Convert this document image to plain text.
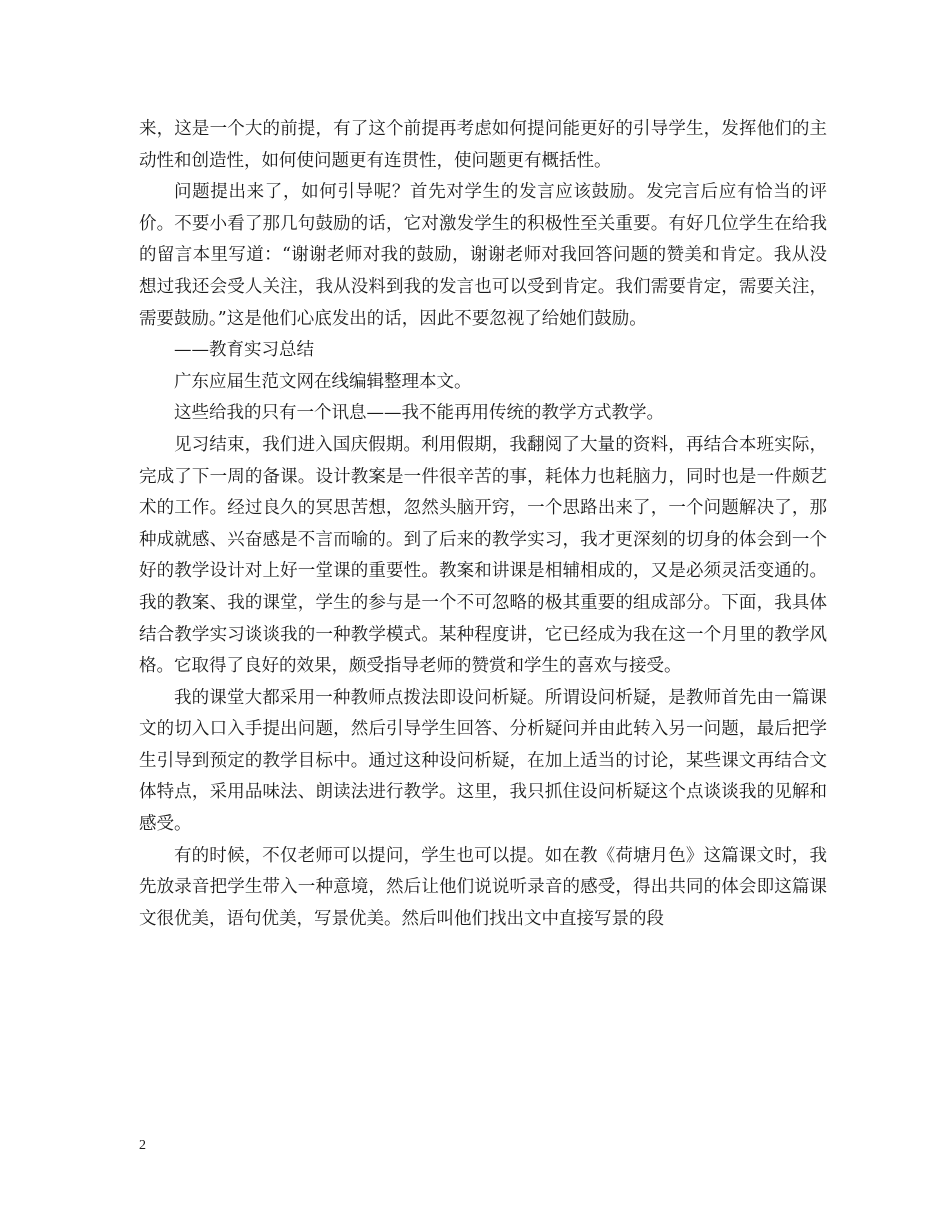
来，这是一个大的前提，有了这个前提再考虑如何提问能更好的引导学生，发挥他们的主动性和创造性，如何使问题更有连贯性，使问题更有概括性。

问题提出来了，如何引导呢？首先对学生的发言应该鼓励。发完言后应有恰当的评价。不要小看了那几句鼓励的话，它对激发学生的积极性至关重要。有好几位学生在给我的留言本里写道：“谢谢老师对我的鼓励，谢谢老师对我回答问题的赞美和肯定。我从没想过我还会受人关注，我从没料到我的发言也可以受到肯定。我们需要肯定，需要关注，需要鼓励。”这是他们心底发出的话，因此不要忽视了给她们鼓励。

——教育实习总结

广东应届生范文网在线编辑整理本文。

这些给我的只有一个讯息——我不能再用传统的教学方式教学。

见习结束，我们进入国庆假期。利用假期，我翻阅了大量的资料，再结合本班实际，完成了下一周的备课。设计教案是一件很辛苦的事，耗体力也耗脑力，同时也是一件颇艺术的工作。经过良久的冥思苦想，忽然头脑开窍，一个思路出来了，一个问题解决了，那种成就感、兴奋感是不言而喻的。到了后来的教学实习，我才更深刻的切身的体会到一个好的教学设计对上好一堂课的重要性。教案和讲课是相辅相成的，又是必须灵活变通的。我的教案、我的课堂，学生的参与是一个不可忽略的极其重要的组成部分。下面，我具体结合教学实习谈谈我的一种教学模式。某种程度讲，它已经成为我在这一个月里的教学风格。它取得了良好的效果，颇受指导老师的赞赏和学生的喜欢与接受。

我的课堂大都采用一种教师点拨法即设问析疑。所谓设问析疑，是教师首先由一篇课文的切入口入手提出问题，然后引导学生回答、分析疑问并由此转入另一问题，最后把学生引导到预定的教学目标中。通过这种设问析疑，在加上适当的讨论，某些课文再结合文体特点，采用品味法、朗读法进行教学。这里，我只抓住设问析疑这个点谈谈我的见解和感受。

有的时候，不仅老师可以提问，学生也可以提。如在教《荷塘月色》这篇课文时，我先放录音把学生带入一种意境，然后让他们说说听录音的感受，得出共同的体会即这篇课文很优美，语句优美，写景优美。然后叫他们找出文中直接写景的段

2
